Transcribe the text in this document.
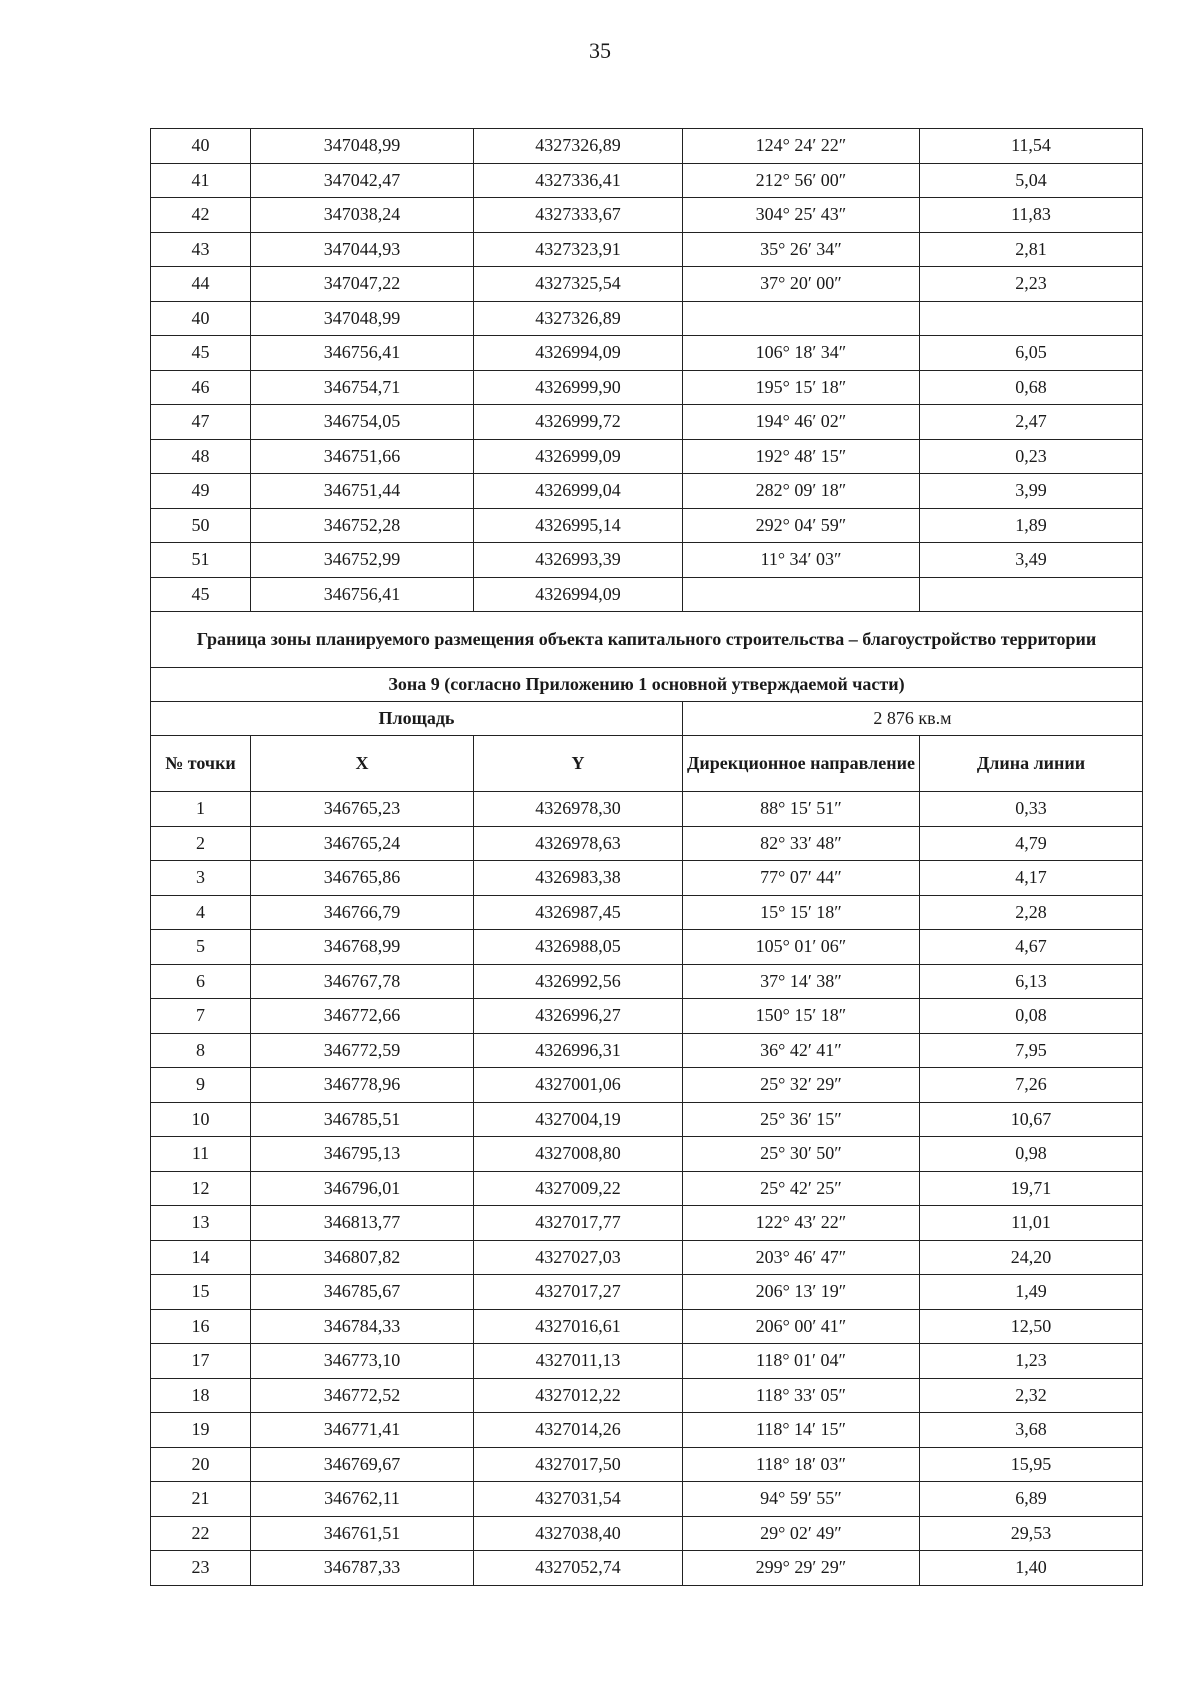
35
40	347048,99	4327326,89	124° 24′ 22″	11,54
41	347042,47	4327336,41	212° 56′ 00″	5,04
42	347038,24	4327333,67	304° 25′ 43″	11,83
43	347044,93	4327323,91	35° 26′ 34″	2,81
44	347047,22	4327325,54	37° 20′ 00″	2,23
40	347048,99	4327326,89		
45	346756,41	4326994,09	106° 18′ 34″	6,05
46	346754,71	4326999,90	195° 15′ 18″	0,68
47	346754,05	4326999,72	194° 46′ 02″	2,47
48	346751,66	4326999,09	192° 48′ 15″	0,23
49	346751,44	4326999,04	282° 09′ 18″	3,99
50	346752,28	4326995,14	292° 04′ 59″	1,89
51	346752,99	4326993,39	11° 34′ 03″	3,49
45	346756,41	4326994,09		
Граница зоны планируемого размещения объекта капитального строительства – благоустройство территории				
Зона 9 (согласно Приложению 1 основной утверждаемой части)				
Площадь			2 876 кв.м	
№ точки	X	Y	Дирекционное направление	Длина линии
1	346765,23	4326978,30	88° 15′ 51″	0,33
2	346765,24	4326978,63	82° 33′ 48″	4,79
3	346765,86	4326983,38	77° 07′ 44″	4,17
4	346766,79	4326987,45	15° 15′ 18″	2,28
5	346768,99	4326988,05	105° 01′ 06″	4,67
6	346767,78	4326992,56	37° 14′ 38″	6,13
7	346772,66	4326996,27	150° 15′ 18″	0,08
8	346772,59	4326996,31	36° 42′ 41″	7,95
9	346778,96	4327001,06	25° 32′ 29″	7,26
10	346785,51	4327004,19	25° 36′ 15″	10,67
11	346795,13	4327008,80	25° 30′ 50″	0,98
12	346796,01	4327009,22	25° 42′ 25″	19,71
13	346813,77	4327017,77	122° 43′ 22″	11,01
14	346807,82	4327027,03	203° 46′ 47″	24,20
15	346785,67	4327017,27	206° 13′ 19″	1,49
16	346784,33	4327016,61	206° 00′ 41″	12,50
17	346773,10	4327011,13	118° 01′ 04″	1,23
18	346772,52	4327012,22	118° 33′ 05″	2,32
19	346771,41	4327014,26	118° 14′ 15″	3,68
20	346769,67	4327017,50	118° 18′ 03″	15,95
21	346762,11	4327031,54	94° 59′ 55″	6,89
22	346761,51	4327038,40	29° 02′ 49″	29,53
23	346787,33	4327052,74	299° 29′ 29″	1,40
